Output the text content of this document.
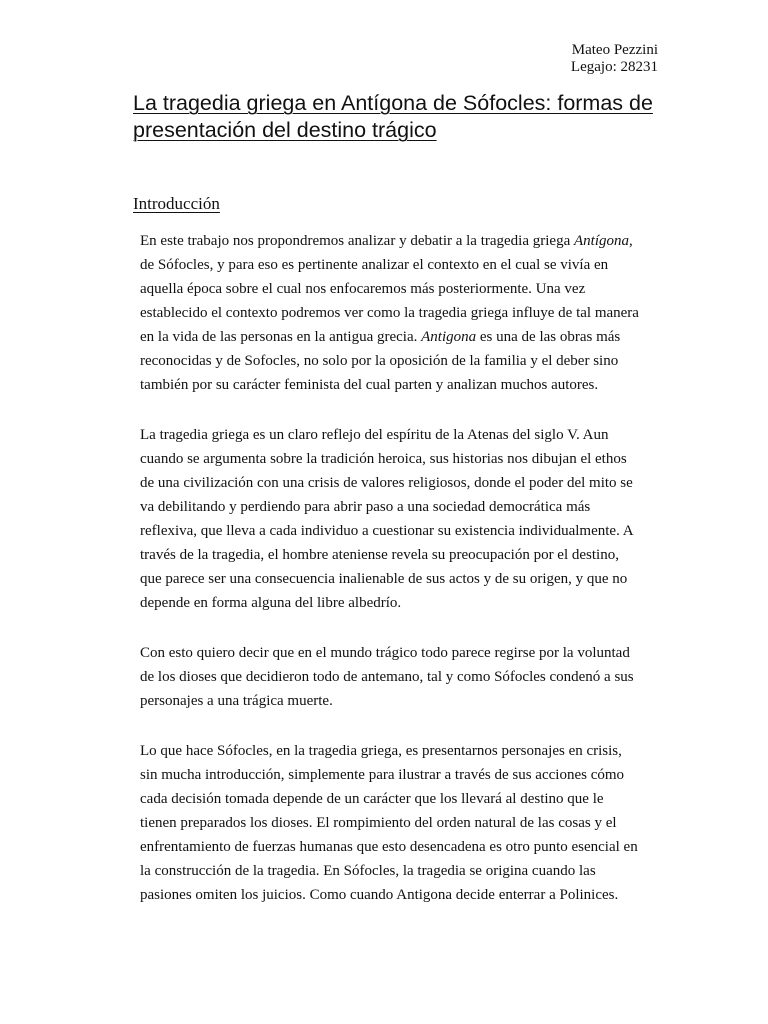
Mateo Pezzini
Legajo: 28231
La tragedia griega en Antígona de Sófocles: formas de
presentación del destino trágico
Introducción

En este trabajo nos propondremos analizar y debatir a la tragedia griega Antígona,
de Sófocles, y para eso es pertinente analizar el contexto en el cual se vivía en
aquella época sobre el cual nos enfocaremos más posteriormente. Una vez
establecido el contexto podremos ver como la tragedia griega influye de tal manera
en la vida de las personas en la antigua grecia. Antigona es una de las obras más
reconocidas y de Sofocles, no solo por la oposición de la familia y el deber sino
también por su carácter feminista del cual parten y analizan muchos autores.

La tragedia griega es un claro reflejo del espíritu de la Atenas del siglo V. Aun
cuando se argumenta sobre la tradición heroica, sus historias nos dibujan el ethos
de una civilización con una crisis de valores religiosos, donde el poder del mito se
va debilitando y perdiendo para abrir paso a una sociedad democrática más
reflexiva, que lleva a cada individuo a cuestionar su existencia individualmente. A
través de la tragedia, el hombre ateniense revela su preocupación por el destino,
que parece ser una consecuencia inalienable de sus actos y de su origen, y que no
depende en forma alguna del libre albedrío.

Con esto quiero decir que en el mundo trágico todo parece regirse por la voluntad
de los dioses que decidieron todo de antemano, tal y como Sófocles condenó a sus
personajes a una trágica muerte.

Lo que hace Sófocles, en la tragedia griega, es presentarnos personajes en crisis,
sin mucha introducción, simplemente para ilustrar a través de sus acciones cómo
cada decisión tomada depende de un carácter que los llevará al destino que le
tienen preparados los dioses. El rompimiento del orden natural de las cosas y el
enfrentamiento de fuerzas humanas que esto desencadena es otro punto esencial en
la construcción de la tragedia. En Sófocles, la tragedia se origina cuando las
pasiones omiten los juicios. Como cuando Antigona decide enterrar a Polinices.
